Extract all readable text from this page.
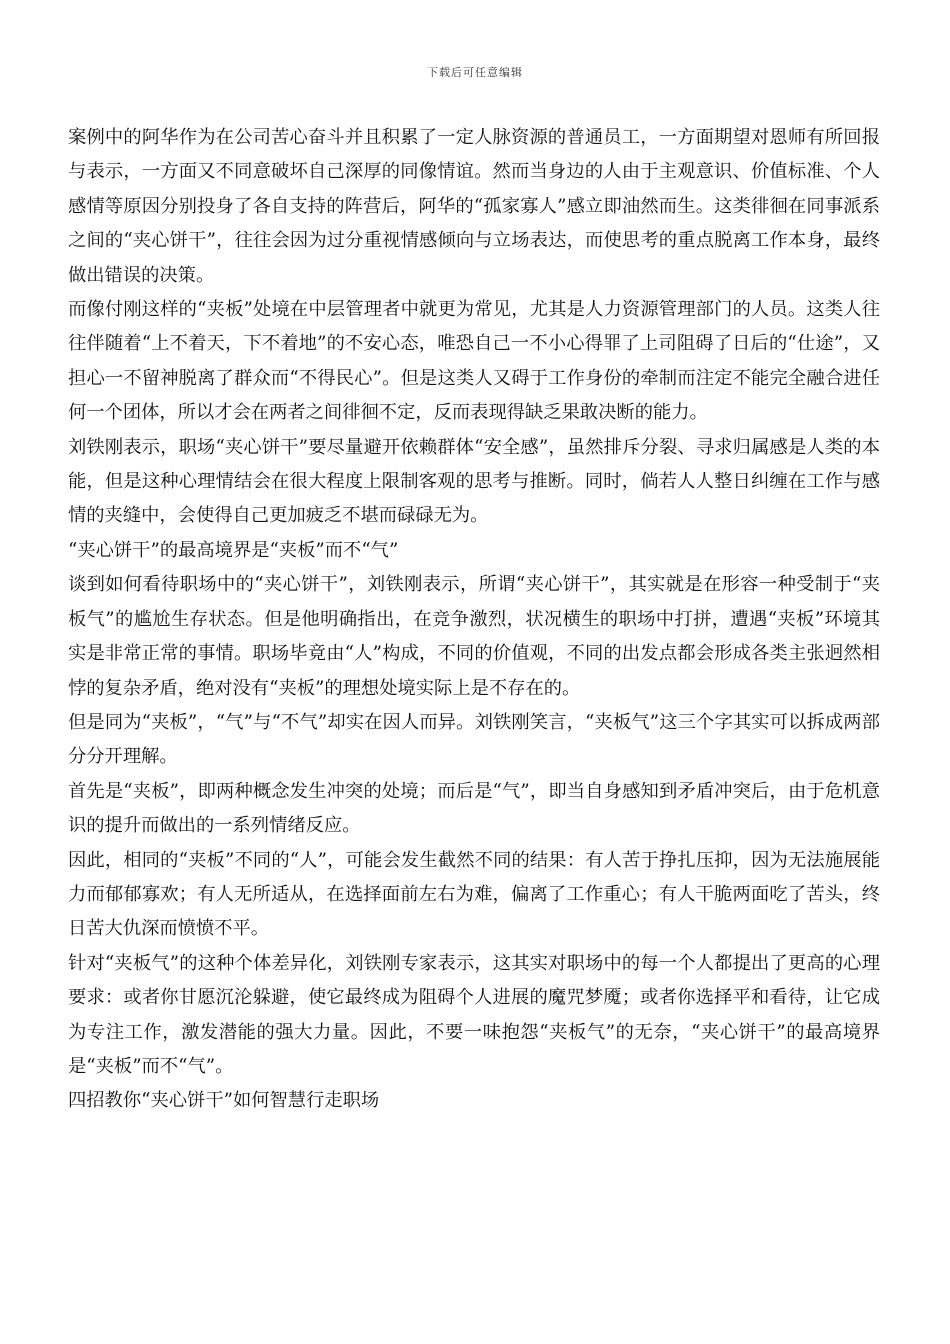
下载后可任意编辑

案例中的阿华作为在公司苦心奋斗并且积累了一定人脉资源的普通员工，一方面期望对恩师有所回报与表示，一方面又不同意破坏自己深厚的同像情谊。然而当身边的人由于主观意识、价值标准、个人感情等原因分别投身了各自支持的阵营后，阿华的“孤家寡人”感立即油然而生。这类徘徊在同事派系之间的“夹心饼干”，往往会因为过分重视情感倾向与立场表达，而使思考的重点脱离工作本身，最终做出错误的决策。

而像付刚这样的“夹板”处境在中层管理者中就更为常见，尤其是人力资源管理部门的人员。这类人往往伴随着“上不着天，下不着地”的不安心态，唯恐自己一不小心得罪了上司阻碍了日后的“仕途”，又担心一不留神脱离了群众而“不得民心”。但是这类人又碍于工作身份的牵制而注定不能完全融合进任何一个团体，所以才会在两者之间徘徊不定，反而表现得缺乏果敢决断的能力。

刘铁刚表示，职场“夹心饼干”要尽量避开依赖群体“安全感”，虽然排斥分裂、寻求归属感是人类的本能，但是这种心理情结会在很大程度上限制客观的思考与推断。同时，倘若人人整日纠缠在工作与感情的夹缝中，会使得自己更加疲乏不堪而碌碌无为。

“夹心饼干”的最高境界是“夹板”而不“气”

谈到如何看待职场中的“夹心饼干”，刘铁刚表示，所谓“夹心饼干”，其实就是在形容一种受制于“夹板气”的尴尬生存状态。但是他明确指出，在竞争激烈，状况横生的职场中打拼，遭遇“夹板”环境其实是非常正常的事情。职场毕竟由“人”构成，不同的价值观，不同的出发点都会形成各类主张迥然相悖的复杂矛盾，绝对没有“夹板”的理想处境实际上是不存在的。

但是同为“夹板”，“气”与“不气”却实在因人而异。刘铁刚笑言，“夹板气”这三个字其实可以拆成两部分分开理解。

首先是“夹板”，即两种概念发生冲突的处境；而后是“气”，即当自身感知到矛盾冲突后，由于危机意识的提升而做出的一系列情绪反应。

因此，相同的“夹板”不同的“人”，可能会发生截然不同的结果：有人苦于挣扎压抑，因为无法施展能力而郁郁寡欢；有人无所适从，在选择面前左右为难，偏离了工作重心；有人干脆两面吃了苦头，终日苦大仇深而愤愤不平。

针对“夹板气”的这种个体差异化，刘铁刚专家表示，这其实对职场中的每一个人都提出了更高的心理要求：或者你甘愿沉沦躲避，使它最终成为阻碍个人进展的魔咒梦魇；或者你选择平和看待，让它成为专注工作，激发潜能的强大力量。因此，不要一味抱怨“夹板气”的无奈，“夹心饼干”的最高境界是“夹板”而不“气”。

四招教你“夹心饼干”如何智慧行走职场
